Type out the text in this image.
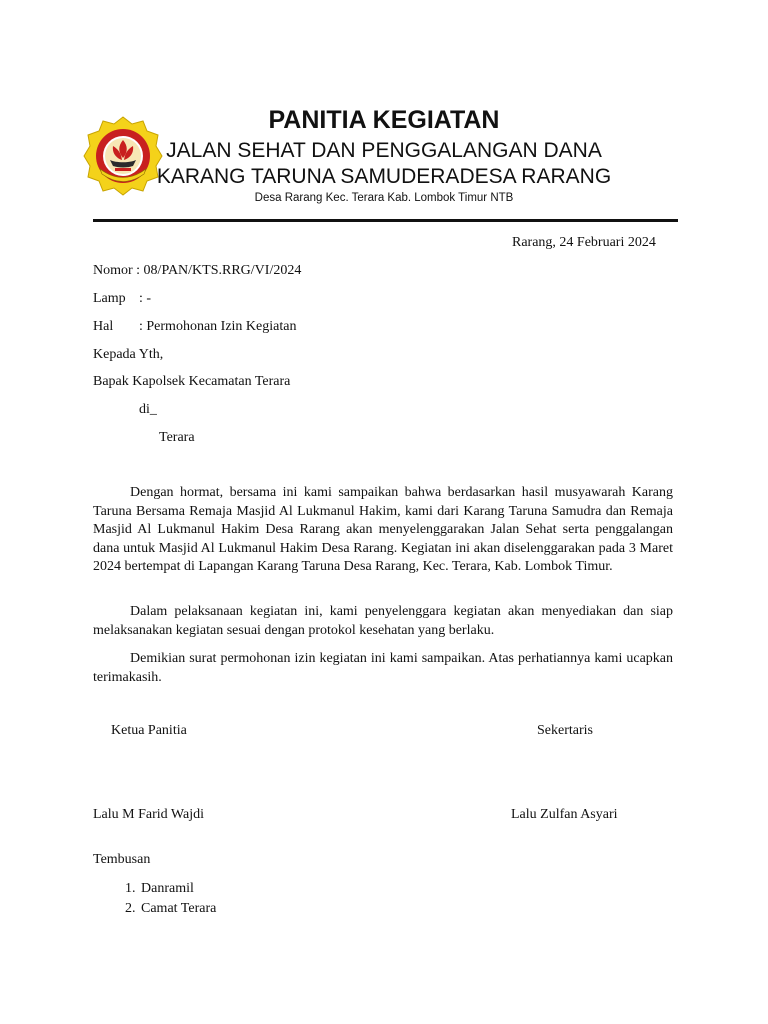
PANITIA KEGIATAN
JALAN SEHAT DAN PENGGALANGAN DANA
KARANG TARUNA SAMUDERADESA RARANG
Desa Rarang Kec. Terara Kab. Lombok Timur NTB
Rarang, 24 Februari 2024
Nomor : 08/PAN/KTS.RRG/VI/2024
Lamp : -
Hal : Permohonan Izin Kegiatan
Kepada Yth,
Bapak Kapolsek Kecamatan Terara
di_
Terara
Dengan hormat, bersama ini kami sampaikan bahwa berdasarkan hasil musyawarah Karang Taruna Bersama Remaja Masjid Al Lukmanul Hakim, kami dari Karang Taruna Samudra dan Remaja Masjid Al Lukmanul Hakim Desa Rarang akan menyelenggarakan Jalan Sehat serta penggalangan dana untuk Masjid Al Lukmanul Hakim Desa Rarang. Kegiatan ini akan diselenggarakan pada 3 Maret 2024 bertempat di Lapangan Karang Taruna Desa Rarang, Kec. Terara, Kab. Lombok Timur.
Dalam pelaksanaan kegiatan ini, kami penyelenggara kegiatan akan menyediakan dan siap melaksanakan kegiatan sesuai dengan protokol kesehatan yang berlaku.
Demikian surat permohonan izin kegiatan ini kami sampaikan. Atas perhatiannya kami ucapkan terimakasih.
Ketua Panitia	Sekertaris
Lalu M Farid Wajdi	Lalu Zulfan Asyari
Tembusan
1. Danramil
2. Camat Terara
